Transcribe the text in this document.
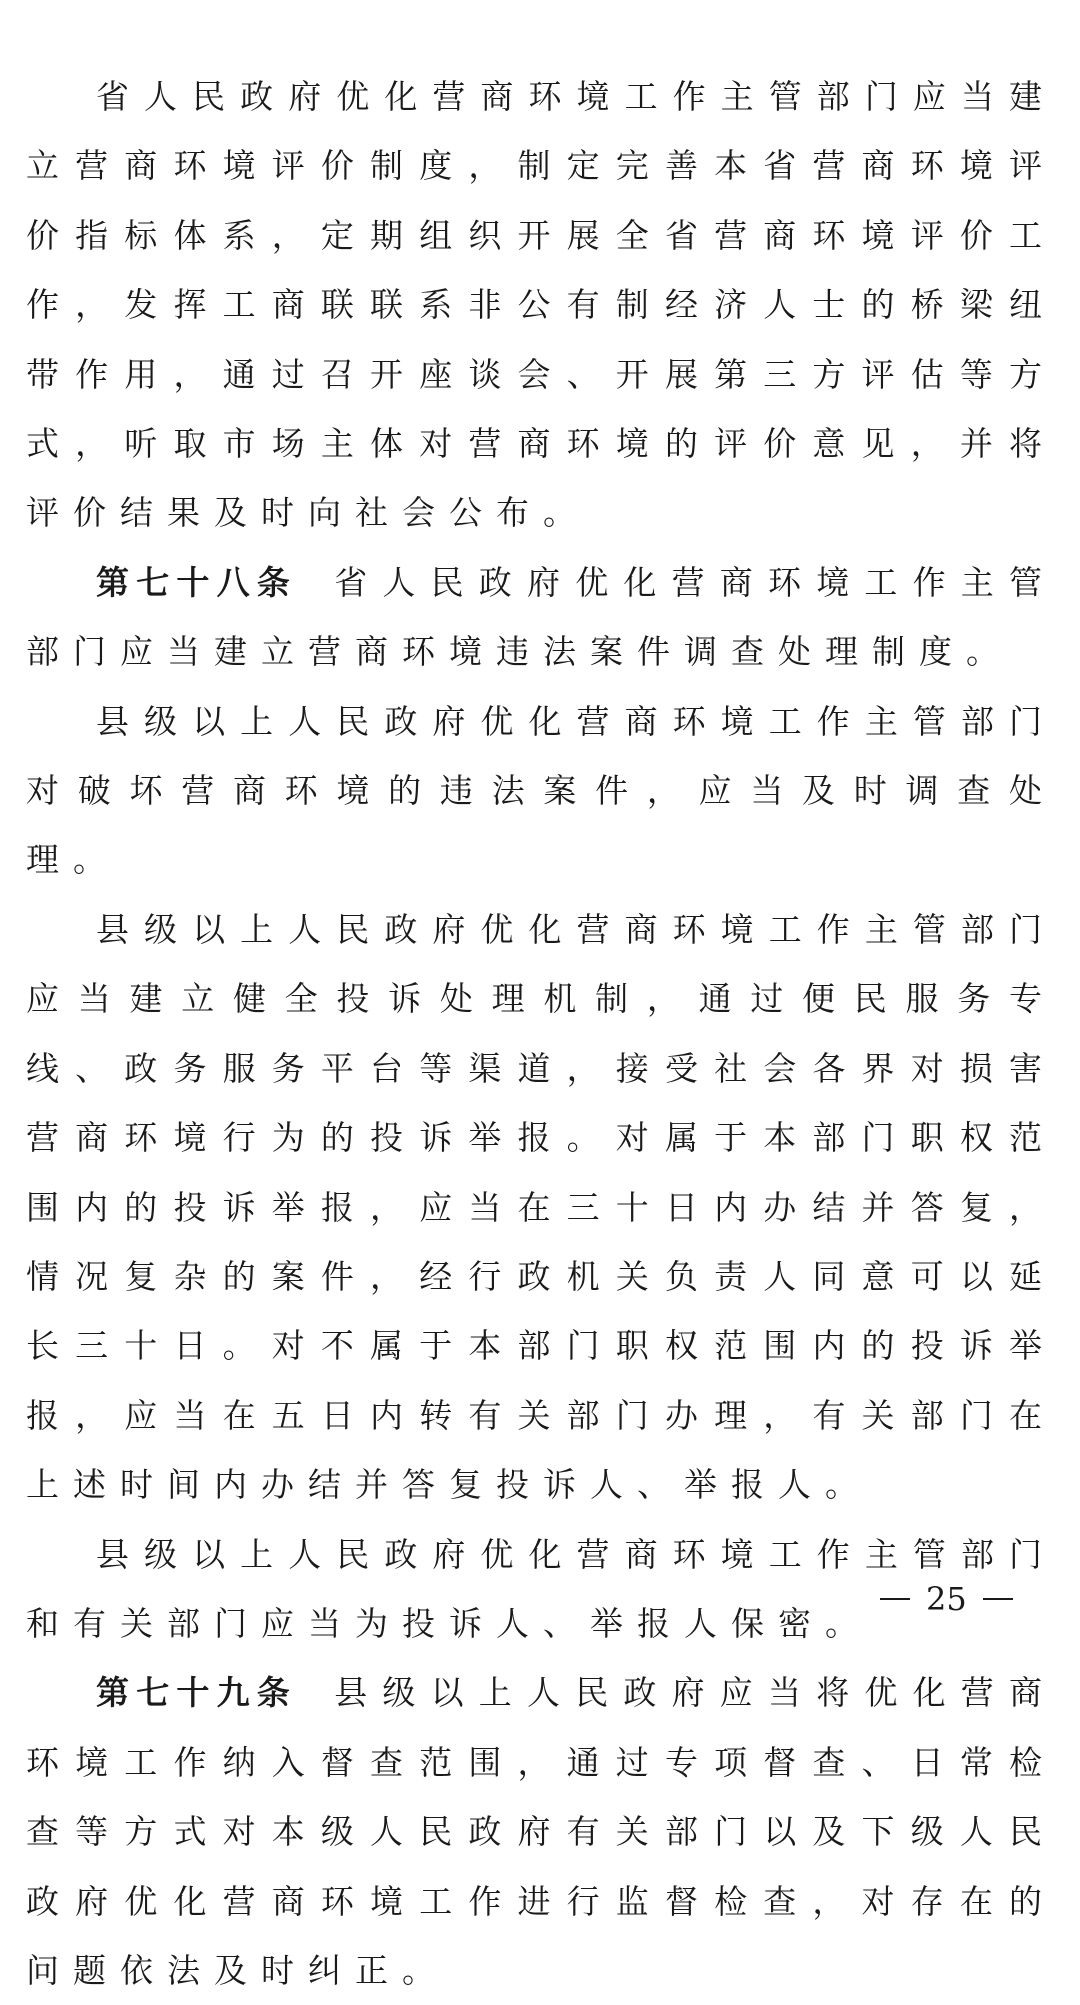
省人民政府优化营商环境工作主管部门应当建立营商环境评价制度，制定完善本省营商环境评价指标体系，定期组织开展全省营商环境评价工作，发挥工商联联系非公有制经济人士的桥梁纽带作用，通过召开座谈会、开展第三方评估等方式，听取市场主体对营商环境的评价意见，并将评价结果及时向社会公布。

第七十八条 省人民政府优化营商环境工作主管部门应当建立营商环境违法案件调查处理制度。

县级以上人民政府优化营商环境工作主管部门对破坏营商环境的违法案件，应当及时调查处理。

县级以上人民政府优化营商环境工作主管部门应当建立健全投诉处理机制，通过便民服务专线、政务服务平台等渠道，接受社会各界对损害营商环境行为的投诉举报。对属于本部门职权范围内的投诉举报，应当在三十日内办结并答复，情况复杂的案件，经行政机关负责人同意可以延长三十日。对不属于本部门职权范围内的投诉举报，应当在五日内转有关部门办理，有关部门在上述时间内办结并答复投诉人、举报人。

县级以上人民政府优化营商环境工作主管部门和有关部门应当为投诉人、举报人保密。

第七十九条 县级以上人民政府应当将优化营商环境工作纳入督查范围，通过专项督查、日常检查等方式对本级人民政府有关部门以及下级人民政府优化营商环境工作进行监督检查，对存在的问题依法及时纠正。

25
